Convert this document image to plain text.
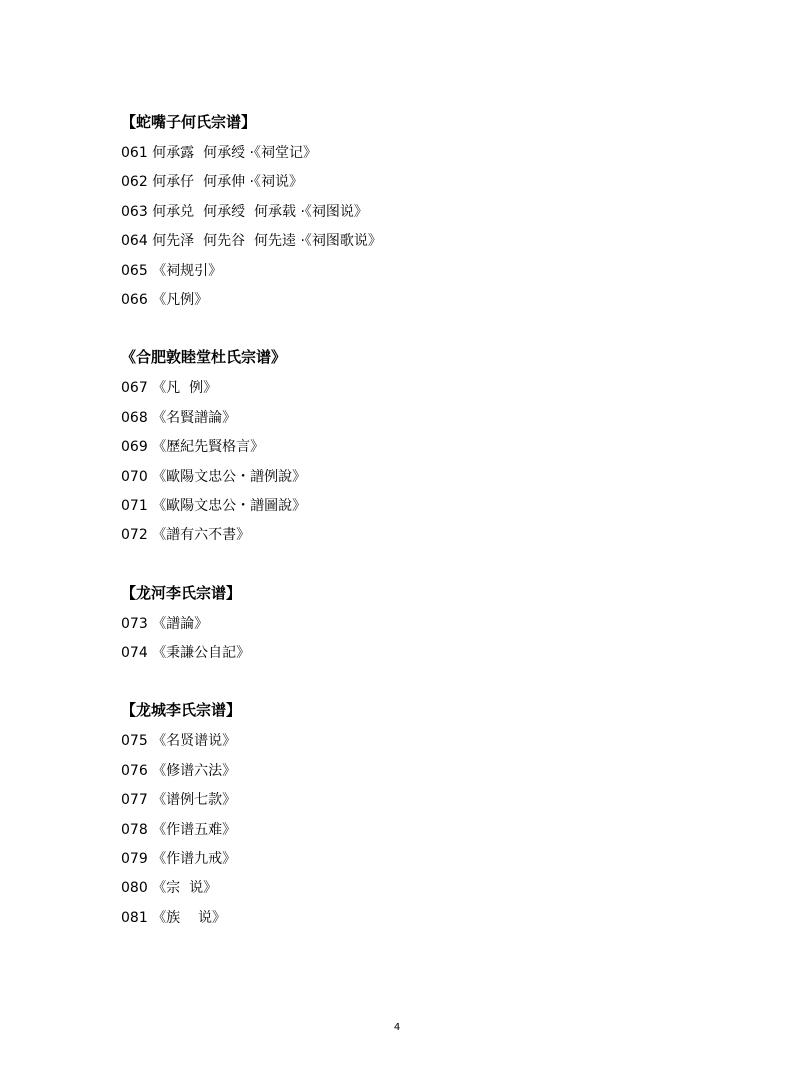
【蛇嘴子何氏宗谱】
061 何承露  何承绶 ·《祠堂记》
062 何承仔  何承伸 ·《祠说》
063 何承兑  何承绶  何承载 ·《祠图说》
064 何先泽  何先谷  何先逵 ·《祠图歌说》
065 《祠规引》
066 《凡例》
《合肥敦睦堂杜氏宗谱》
067 《凡  例》
068 《名賢譜論》
069 《歷紀先賢格言》
070 《歐陽文忠公・譜例說》
071 《歐陽文忠公・譜圖說》
072 《譜有六不書》
【龙河李氏宗谱】
073 《譜論》
074 《秉謙公自記》
【龙城李氏宗谱】
075 《名贤谱说》
076 《修谱六法》
077 《谱例七款》
078 《作谱五难》
079 《作谱九戒》
080 《宗  说》
081 《族    说》
4
